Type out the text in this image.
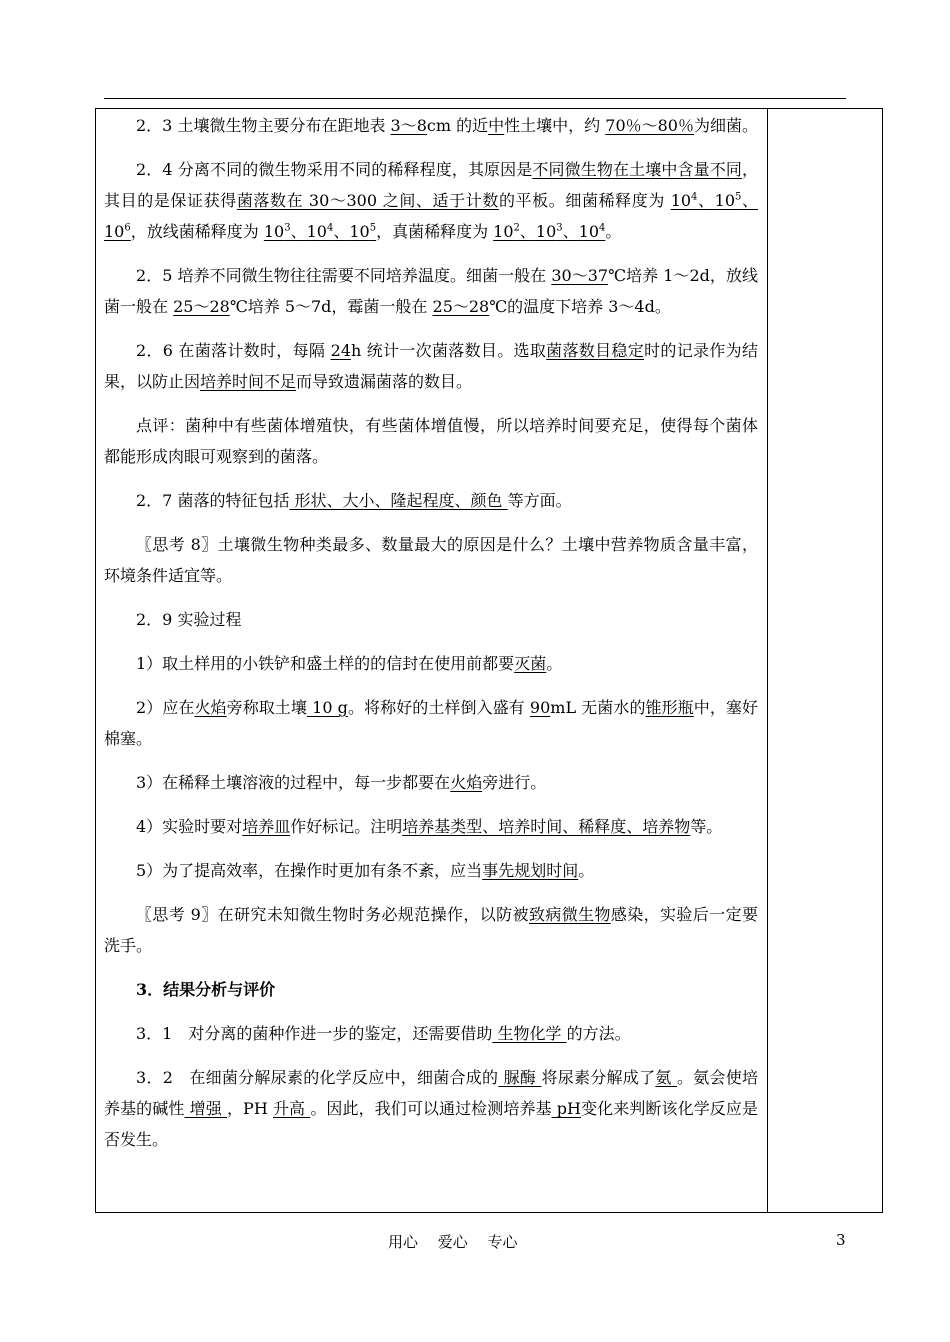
2．3 土壤微生物主要分布在距地表 3～8cm 的近中性土壤中，约 70％～80％为细菌。

2．4 分离不同的微生物采用不同的稀释程度，其原因是不同微生物在土壤中含量不同，其目的是保证获得菌落数在 30～300 之间、适于计数的平板。细菌稀释度为 $10^4$、$10^5$、$10^6$，放线菌稀释度为 $10^3$、$10^4$、$10^5$，真菌稀释度为 $10^2$、$10^3$、$10^4$。

2．5 培养不同微生物往往需要不同培养温度。细菌一般在 30～37℃培养 1～2d，放线菌一般在 25～28℃培养 5～7d，霉菌一般在 25～28℃的温度下培养 3～4d。

2．6 在菌落计数时，每隔 24h 统计一次菌落数目。选取菌落数目稳定时的记录作为结果，以防止因培养时间不足而导致遗漏菌落的数目。

点评：菌种中有些菌体增殖快，有些菌体增值慢，所以培养时间要充足，使得每个菌体都能形成肉眼可观察到的菌落。

2．7 菌落的特征包括 形状、大小、隆起程度、颜色 等方面。

〖思考 8〗土壤微生物种类最多、数量最大的原因是什么？土壤中营养物质含量丰富，环境条件适宜等。

2．9 实验过程

1）取土样用的小铁铲和盛土样的的信封在使用前都要灭菌。

2）应在火焰旁称取土壤 10 g。将称好的土样倒入盛有 90mL 无菌水的锥形瓶中，塞好棉塞。

3）在稀释土壤溶液的过程中，每一步都要在火焰旁进行。

4）实验时要对培养皿作好标记。注明培养基类型、培养时间、稀释度、培养物等。

5）为了提高效率，在操作时更加有条不紊，应当事先规划时间。

〖思考 9〗在研究未知微生物时务必规范操作，以防被致病微生物感染，实验后一定要洗手。

3．结果分析与评价

3．1　对分离的菌种作进一步的鉴定，还需要借助 生物化学 的方法。

3．2　在细菌分解尿素的化学反应中，细菌合成的 脲酶 将尿素分解成了氨 。氨会使培养基的碱性 增强 ，PH 升高 。因此，我们可以通过检测培养基 pH变化来判断该化学反应是否发生。

用心　 爱心 　专心	3
